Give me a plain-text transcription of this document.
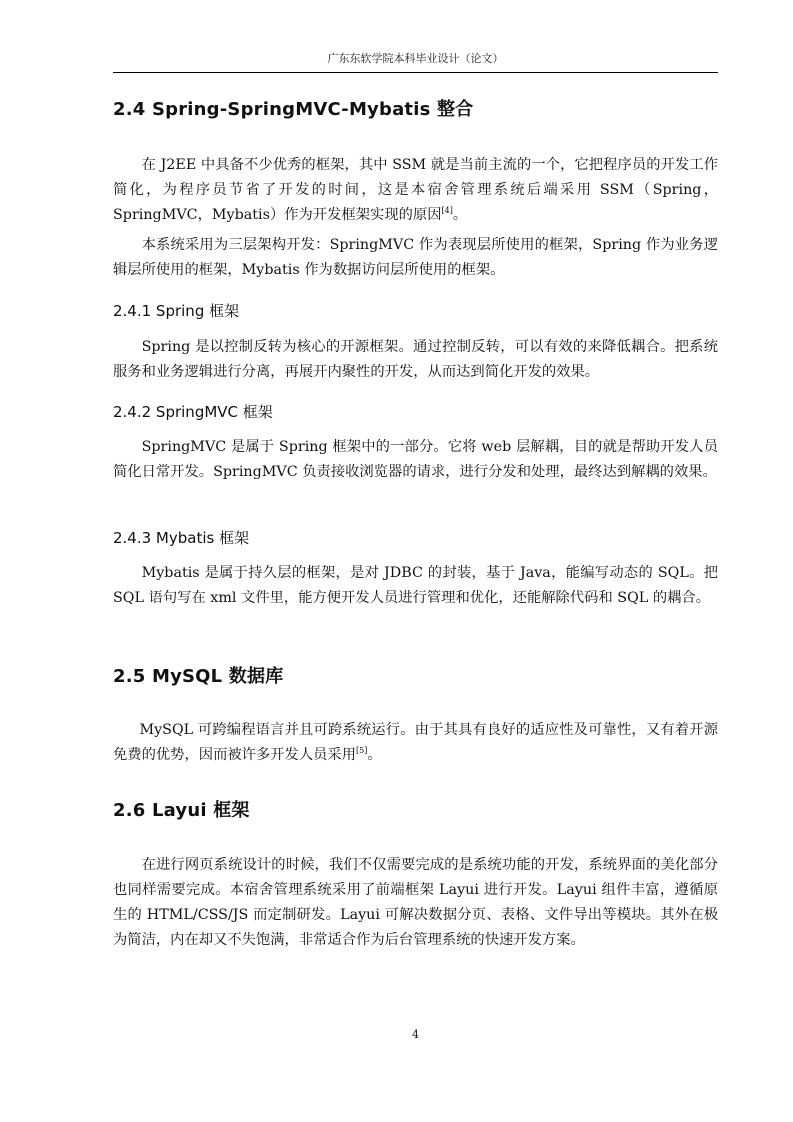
广东东软学院本科毕业设计（论文）
2.4 Spring-SpringMVC-Mybatis 整合

在 J2EE 中具备不少优秀的框架，其中 SSM 就是当前主流的一个，它把程序员的开发工作简化，为程序员节省了开发的时间，这是本宿舍管理系统后端采用 SSM（Spring，SpringMVC，Mybatis）作为开发框架实现的原因[4]。

本系统采用为三层架构开发：SpringMVC 作为表现层所使用的框架，Spring 作为业务逻辑层所使用的框架，Mybatis 作为数据访问层所使用的框架。

2.4.1 Spring 框架

Spring 是以控制反转为核心的开源框架。通过控制反转，可以有效的来降低耦合。把系统服务和业务逻辑进行分离，再展开内聚性的开发，从而达到简化开发的效果。

2.4.2 SpringMVC 框架

SpringMVC 是属于 Spring 框架中的一部分。它将 web 层解耦，目的就是帮助开发人员简化日常开发。SpringMVC 负责接收浏览器的请求，进行分发和处理，最终达到解耦的效果。

2.4.3 Mybatis 框架

Mybatis 是属于持久层的框架，是对 JDBC 的封装，基于 Java，能编写动态的 SQL。把 SQL 语句写在 xml 文件里，能方便开发人员进行管理和优化，还能解除代码和 SQL 的耦合。

2.5 MySQL 数据库

MySQL 可跨编程语言并且可跨系统运行。由于其具有良好的适应性及可靠性，又有着开源免费的优势，因而被许多开发人员采用[5]。

2.6 Layui 框架

在进行网页系统设计的时候，我们不仅需要完成的是系统功能的开发，系统界面的美化部分也同样需要完成。本宿舍管理系统采用了前端框架 Layui 进行开发。Layui 组件丰富，遵循原生的 HTML/CSS/JS 而定制研发。Layui 可解决数据分页、表格、文件导出等模块。其外在极为简洁，内在却又不失饱满，非常适合作为后台管理系统的快速开发方案。

4
